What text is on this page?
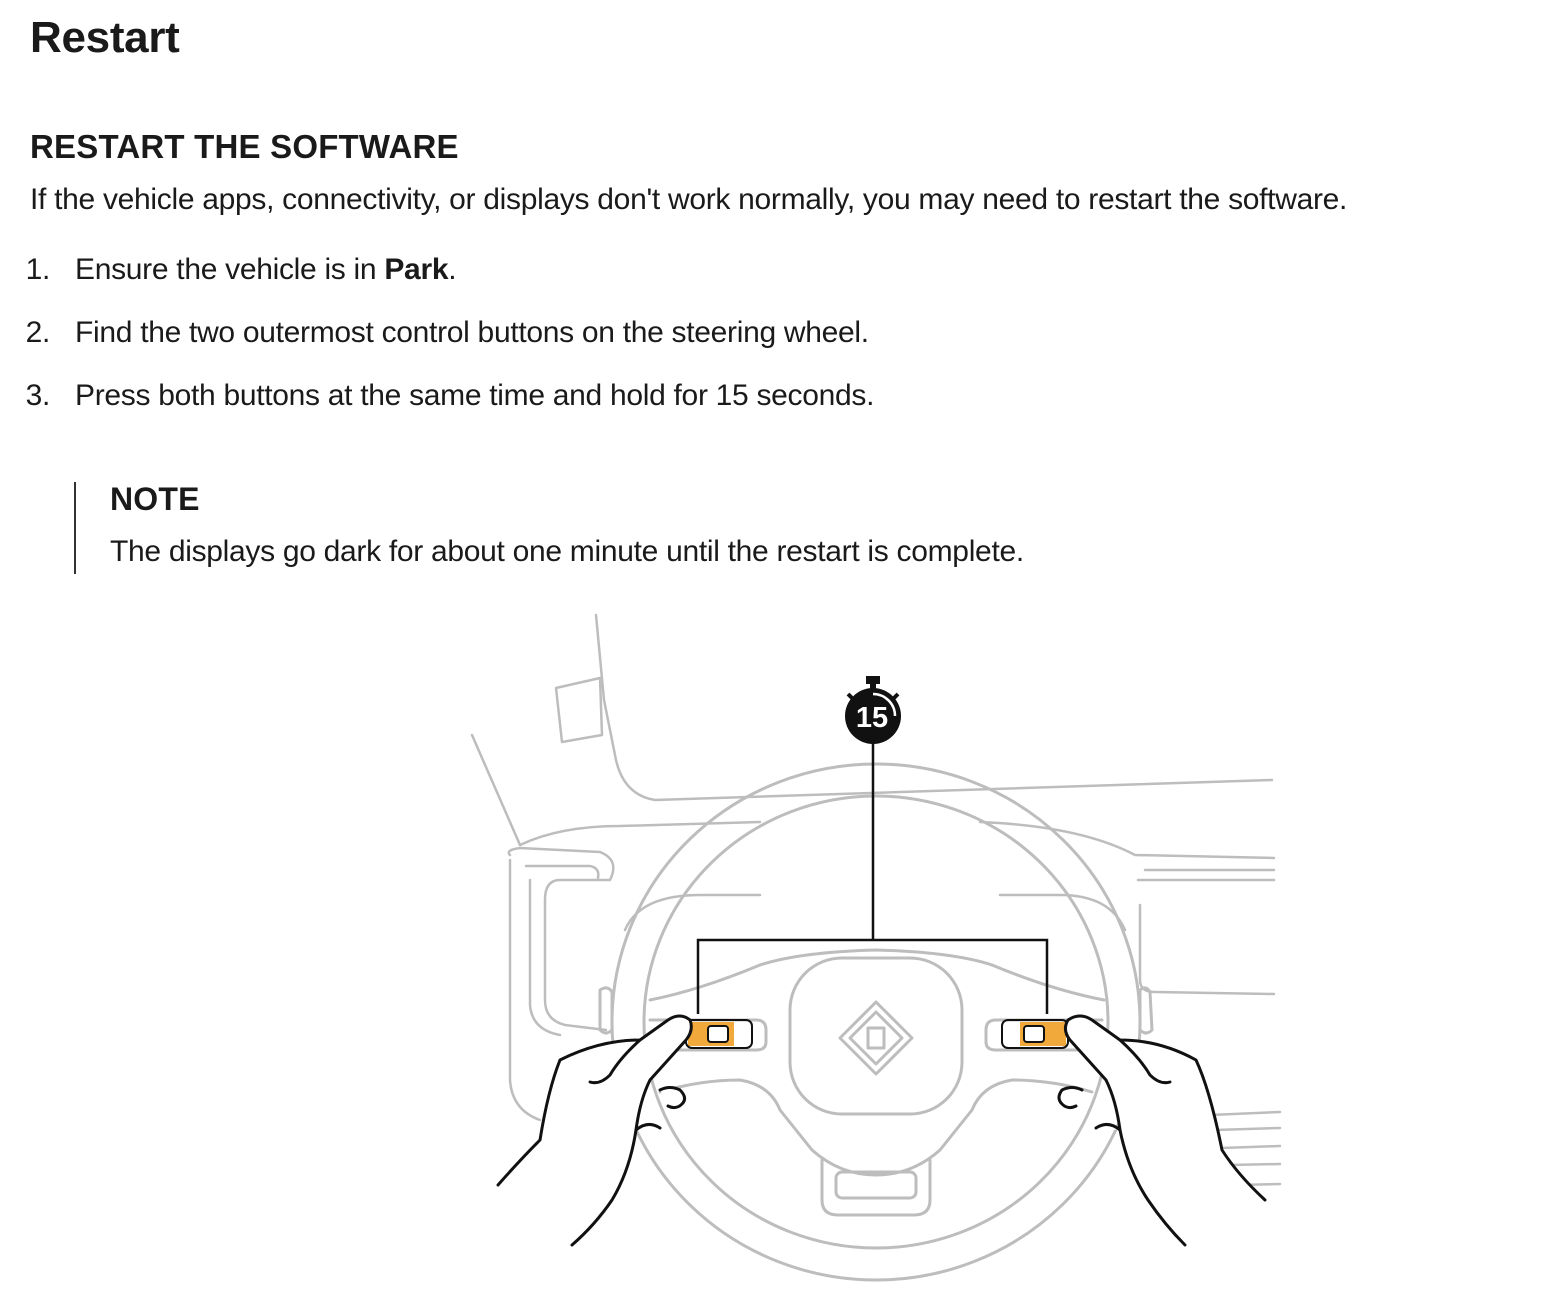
Restart
RESTART THE SOFTWARE

If the vehicle apps, connectivity, or displays don't work normally, you may need to restart the software.

1. Ensure the vehicle is in Park.
2. Find the two outermost control buttons on the steering wheel.
3. Press both buttons at the same time and hold for 15 seconds.

NOTE

The displays go dark for about one minute until the restart is complete.

15
